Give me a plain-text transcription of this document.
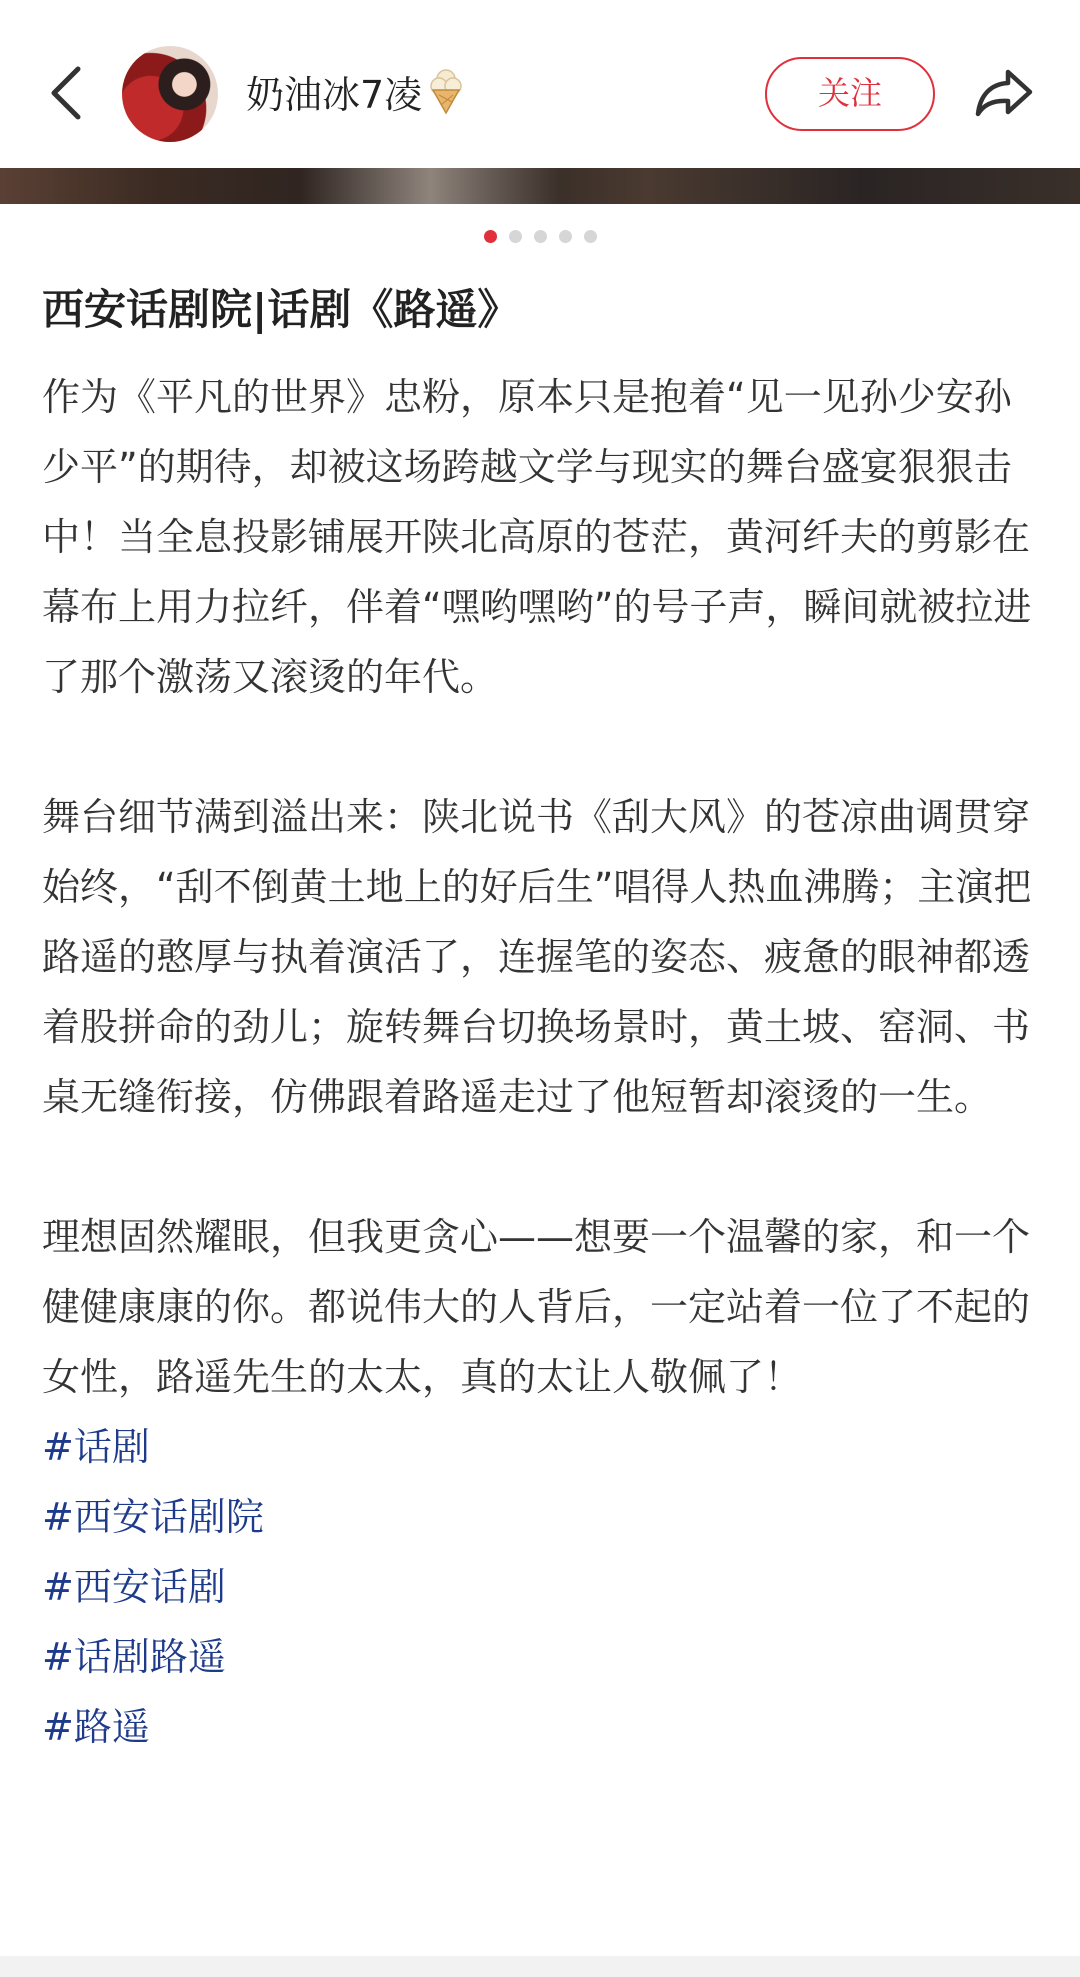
奶油冰7凌	关注
西安话剧院|话剧《路遥》

作为《平凡的世界》忠粉，原本只是抱着“见一见孙少安孙少平”的期待，却被这场跨越文学与现实的舞台盛宴狠狠击中！当全息投影铺展开陕北高原的苍茫，黄河纤夫的剪影在幕布上用力拉纤，伴着“嘿哟嘿哟”的号子声，瞬间就被拉进了那个激荡又滚烫的年代。

舞台细节满到溢出来：陕北说书《刮大风》的苍凉曲调贯穿始终，“刮不倒黄土地上的好后生”唱得人热血沸腾；主演把路遥的憨厚与执着演活了，连握笔的姿态、疲惫的眼神都透着股拼命的劲儿；旋转舞台切换场景时，黄土坡、窑洞、书桌无缝衔接，仿佛跟着路遥走过了他短暂却滚烫的一生。

理想固然耀眼，但我更贪心——想要一个温馨的家，和一个健健康康的你。都说伟大的人背后，一定站着一位了不起的女性，路遥先生的太太，真的太让人敬佩了！

#话剧
#西安话剧院
#西安话剧
#话剧路遥
#路遥
